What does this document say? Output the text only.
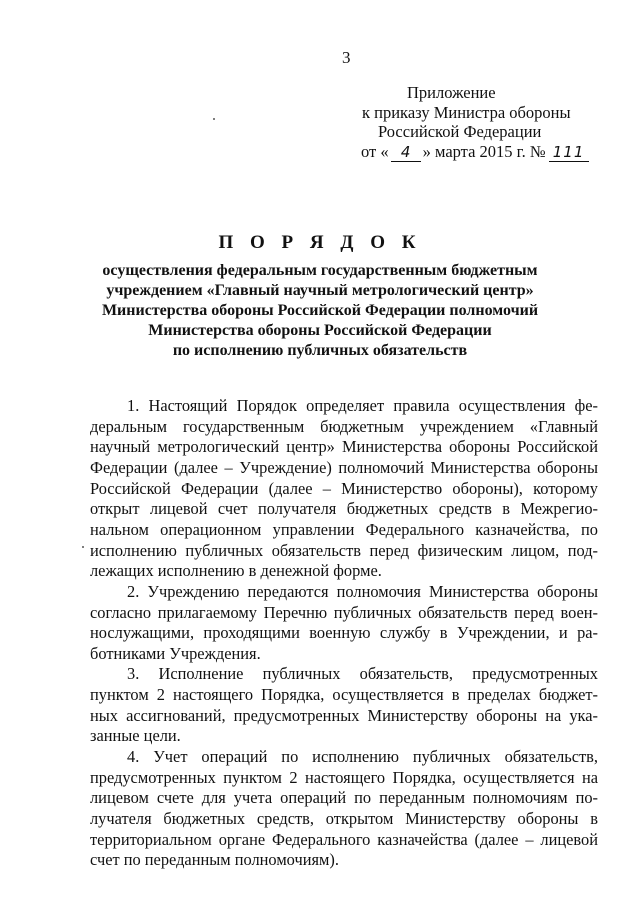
3
Приложение
к приказу Министра обороны
Российской Федерации
от « 4 » марта 2015 г. № 111
П О Р Я Д О К
осуществления федеральным государственным бюджетным
учреждением «Главный научный метрологический центр»
Министерства обороны Российской Федерации полномочий
Министерства обороны Российской Федерации
по исполнению публичных обязательств
1. Настоящий Порядок определяет правила осуществления фе-
деральным государственным бюджетным учреждением «Главный
научный метрологический центр» Министерства обороны Российской
Федерации (далее – Учреждение) полномочий Министерства обороны
Российской Федерации (далее – Министерство обороны), которому
открыт лицевой счет получателя бюджетных средств в Межрегио-
нальном операционном управлении Федерального казначейства, по
исполнению публичных обязательств перед физическим лицом, под-
лежащих исполнению в денежной форме.
2. Учреждению передаются полномочия Министерства обороны
согласно прилагаемому Перечню публичных обязательств перед воен-
нослужащими, проходящими военную службу в Учреждении, и ра-
ботниками Учреждения.
3. Исполнение публичных обязательств, предусмотренных
пунктом 2 настоящего Порядка, осуществляется в пределах бюджет-
ных ассигнований, предусмотренных Министерству обороны на ука-
занные цели.
4. Учет операций по исполнению публичных обязательств,
предусмотренных пунктом 2 настоящего Порядка, осуществляется на
лицевом счете для учета операций по переданным полномочиям по-
лучателя бюджетных средств, открытом Министерству обороны в
территориальном органе Федерального казначейства (далее – лицевой
счет по переданным полномочиям).
